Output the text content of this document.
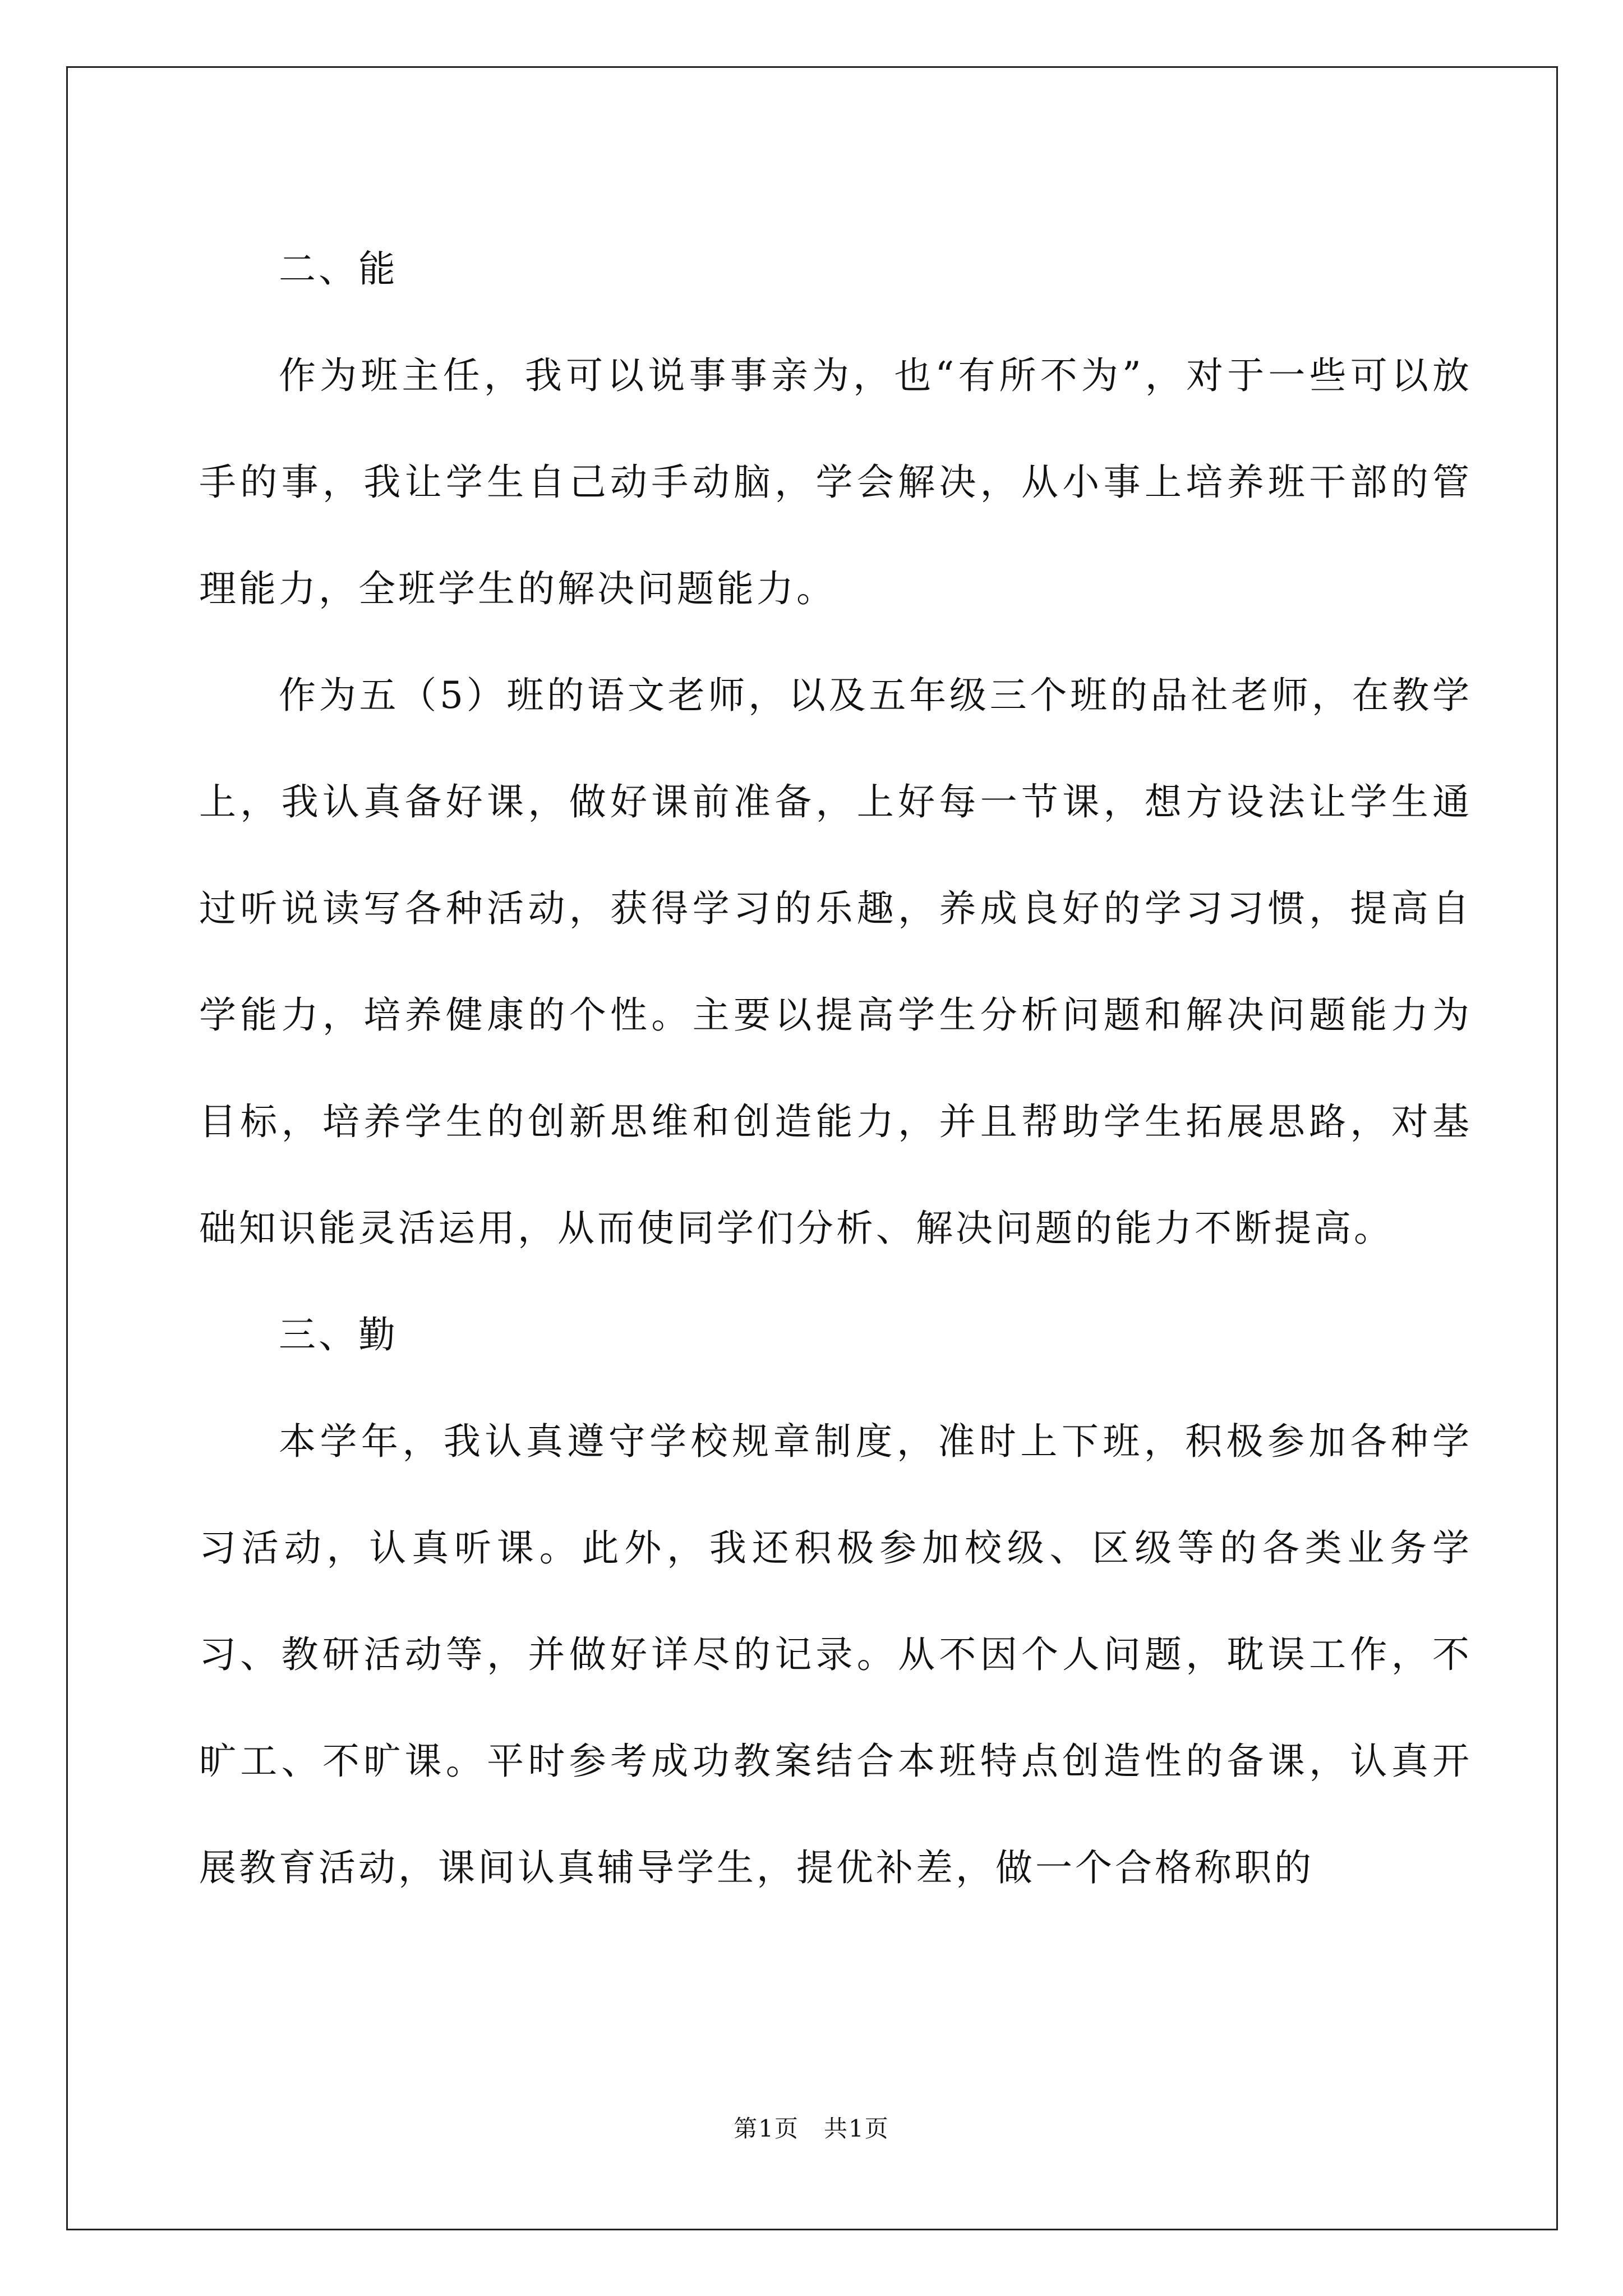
二、能

作为班主任，我可以说事事亲为，也“有所不为”，对于一些可以放手的事，我让学生自己动手动脑，学会解决，从小事上培养班干部的管理能力，全班学生的解决问题能力。

作为五（5）班的语文老师，以及五年级三个班的品社老师，在教学上，我认真备好课，做好课前准备，上好每一节课，想方设法让学生通过听说读写各种活动，获得学习的乐趣，养成良好的学习习惯，提高自学能力，培养健康的个性。主要以提高学生分析问题和解决问题能力为目标，培养学生的创新思维和创造能力，并且帮助学生拓展思路，对基础知识能灵活运用，从而使同学们分析、解决问题的能力不断提高。

三、勤

本学年，我认真遵守学校规章制度，准时上下班，积极参加各种学习活动，认真听课。此外，我还积极参加校级、区级等的各类业务学习、教研活动等，并做好详尽的记录。从不因个人问题，耽误工作，不旷工、不旷课。平时参考成功教案结合本班特点创造性的备课，认真开展教育活动，课间认真辅导学生，提优补差，做一个合格称职的

第1页　共1页
